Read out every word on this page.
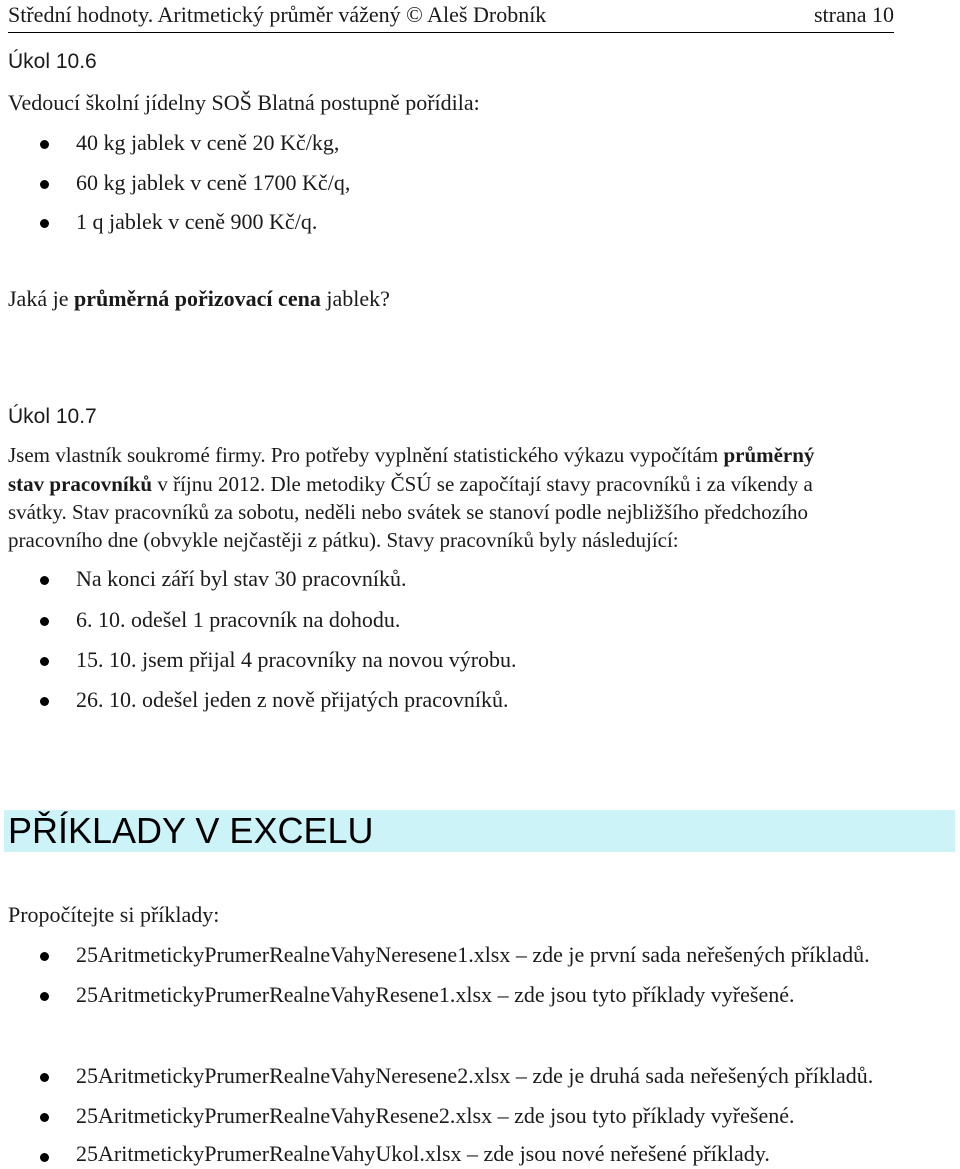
Střední hodnoty. Aritmetický průměr vážený © Aleš Drobník	strana 10
Úkol 10.6
Vedoucí školní jídelny SOŠ Blatná postupně pořídila:
40 kg jablek v ceně 20 Kč/kg,
60 kg jablek v ceně 1700 Kč/q,
1 q jablek v ceně 900 Kč/q.
Jaká je průměrná pořizovací cena jablek?
Úkol 10.7
Jsem vlastník soukromé firmy. Pro potřeby vyplnění statistického výkazu vypočítám průměrný
stav pracovníků v říjnu 2012. Dle metodiky ČSÚ se započítají stavy pracovníků i za víkendy a
svátky. Stav pracovníků za sobotu, neděli nebo svátek se stanoví podle nejbližšího předchozího
pracovního dne (obvykle nejčastěji z pátku). Stavy pracovníků byly následující:
Na konci září byl stav 30 pracovníků.
6. 10. odešel 1 pracovník na dohodu.
15. 10. jsem přijal 4 pracovníky na novou výrobu.
26. 10. odešel jeden z nově přijatých pracovníků.
PŘÍKLADY V EXCELU
Propočítejte si příklady:
25AritmetickyPrumerRealneVahyNeresene1.xlsx – zde je první sada neřešených příkladů.
25AritmetickyPrumerRealneVahyResene1.xlsx – zde jsou tyto příklady vyřešené.
25AritmetickyPrumerRealneVahyNeresene2.xlsx – zde je druhá sada neřešených příkladů.
25AritmetickyPrumerRealneVahyResene2.xlsx – zde jsou tyto příklady vyřešené.
25AritmetickyPrumerRealneVahyUkol.xlsx – zde jsou nové neřešené příklady.
